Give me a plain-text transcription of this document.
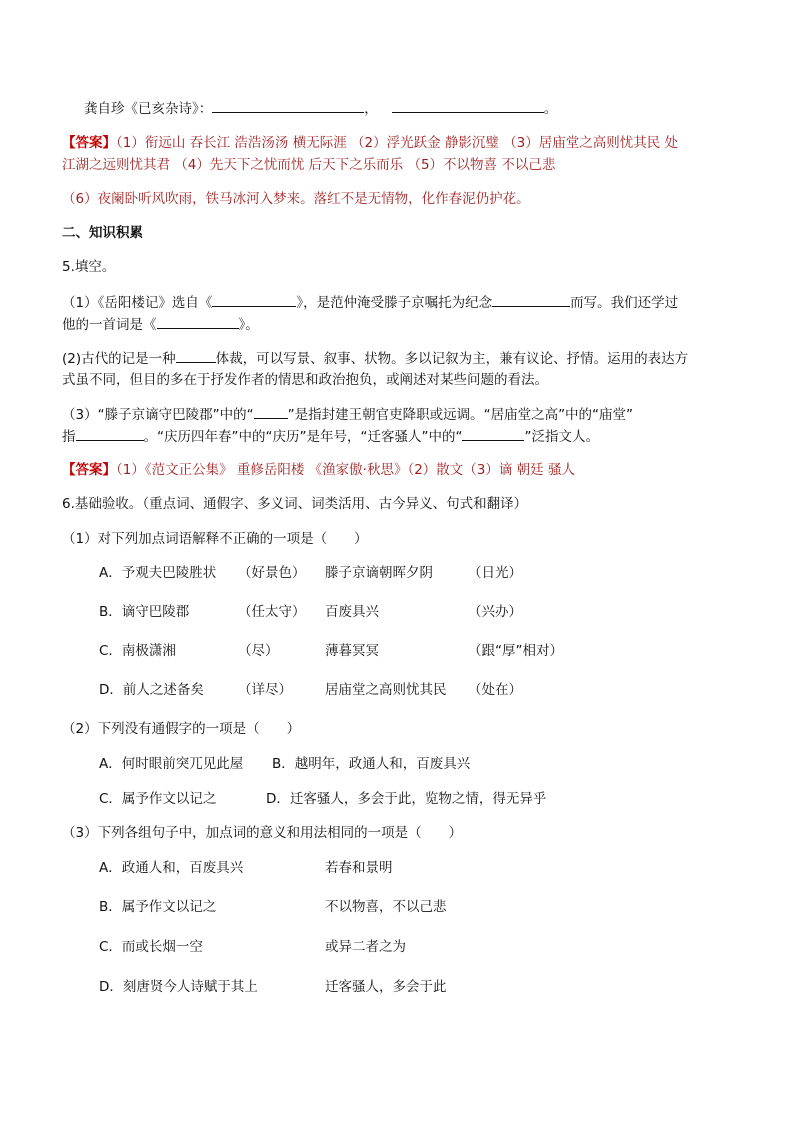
龚自珍《已亥杂诗》：	，	。
【答案】（1）衔远山 吞长江 浩浩汤汤 横无际涯 （2）浮光跃金 静影沉璧 （3）居庙堂之高则忧其民 处
江湖之远则忧其君 （4）先天下之忧而忧 后天下之乐而乐 （5）不以物喜 不以己悲
（6）夜阑卧听风吹雨，铁马冰河入梦来。落红不是无情物，化作春泥仍护花。
二、知识积累
5.填空。
（1）《岳阳楼记》选自《	》，是范仲淹受滕子京嘱托为纪念	而写。我们还学过
他的一首词是《	》。
(2)古代的记是一种	体裁，可以写景、叙事、状物。多以记叙为主，兼有议论、抒情。运用的表达方
式虽不同，但目的多在于抒发作者的情思和政治抱负，或阐述对某些问题的看法。
（3）“滕子京谪守巴陵郡”中的“	”是指封建王朝官吏降职或远调。“居庙堂之高”中的“庙堂”
指	。“庆历四年春”中的“庆历”是年号，“迁客骚人”中的“	”泛指文人。
【答案】（1）《范文正公集》 重修岳阳楼 《渔家傲·秋思》（2）散文（3）谪 朝廷 骚人
6.基础验收。（重点词、通假字、多义词、词类活用、古今异义、句式和翻译）
（1）对下列加点词语解释不正确的一项是（　　）
A．予观夫巴陵胜状 （好景色） 滕子京谪朝晖夕阴	（日光）
B．谪守巴陵郡	（任太守） 百废具兴	（兴办）
C．南极潇湘	（尽）	薄暮冥冥	（跟“厚”相对）
D．前人之述备矣	（详尽） 居庙堂之高则忧其民 （处在）
（2）下列没有通假字的一项是（　　）
A．何时眼前突兀见此屋 B．越明年，政通人和，百废具兴
C．属予作文以记之	D．迁客骚人，多会于此，览物之情，得无异乎
（3）下列各组句子中，加点词的意义和用法相同的一项是（　　）
A．政通人和，百废具兴	若春和景明
B．属予作文以记之	不以物喜，不以己悲
C．而或长烟一空	或异二者之为
D．刻唐贤今人诗赋于其上	迁客骚人，多会于此
